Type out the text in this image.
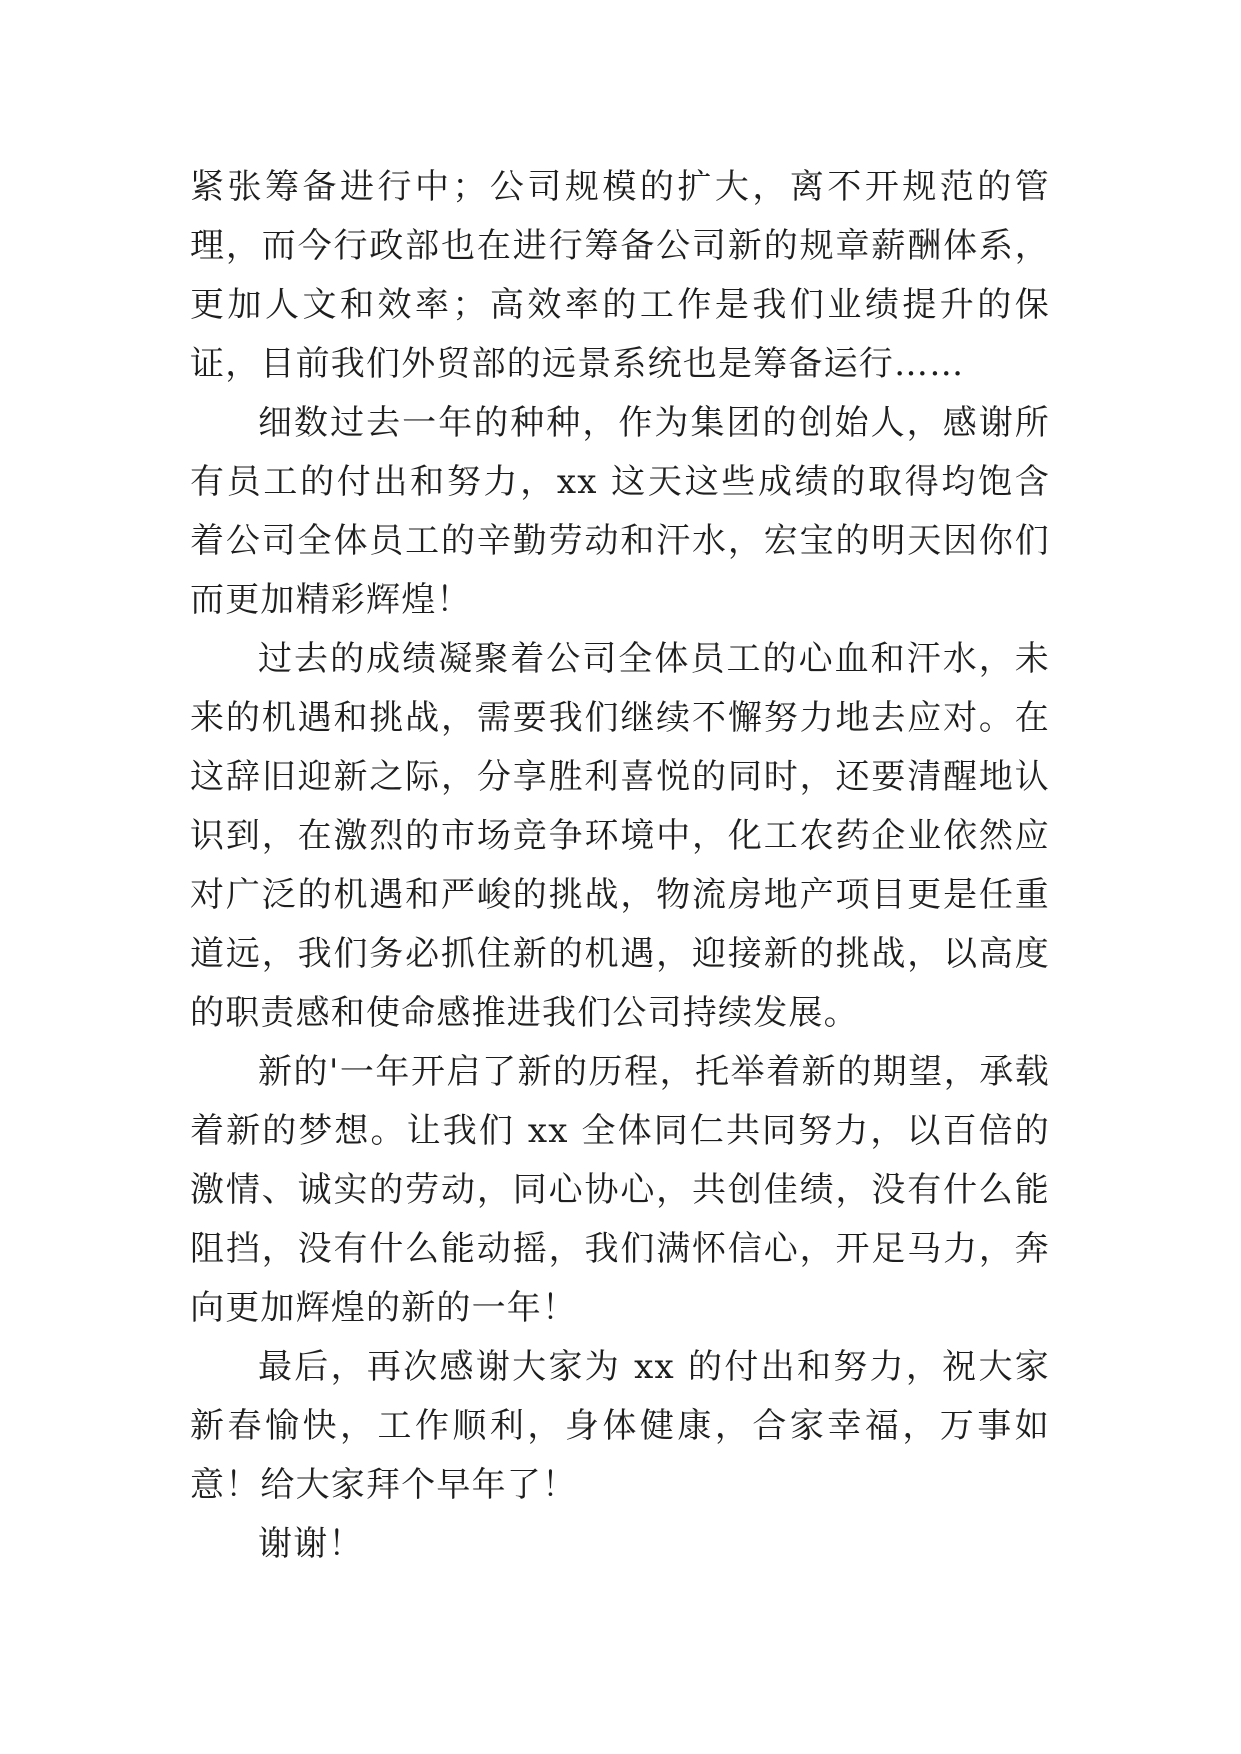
紧张筹备进行中；公司规模的扩大，离不开规范的管理，而今行政部也在进行筹备公司新的规章薪酬体系，更加人文和效率；高效率的工作是我们业绩提升的保证，目前我们外贸部的远景系统也是筹备运行……

细数过去一年的种种，作为集团的创始人，感谢所有员工的付出和努力，xx 这天这些成绩的取得均饱含着公司全体员工的辛勤劳动和汗水，宏宝的明天因你们而更加精彩辉煌！

过去的成绩凝聚着公司全体员工的心血和汗水，未来的机遇和挑战，需要我们继续不懈努力地去应对。在这辞旧迎新之际，分享胜利喜悦的同时，还要清醒地认识到，在激烈的市场竞争环境中，化工农药企业依然应对广泛的机遇和严峻的挑战，物流房地产项目更是任重道远，我们务必抓住新的机遇，迎接新的挑战，以高度的职责感和使命感推进我们公司持续发展。

新的'一年开启了新的历程，托举着新的期望，承载着新的梦想。让我们 xx 全体同仁共同努力，以百倍的激情、诚实的劳动，同心协心，共创佳绩，没有什么能阻挡，没有什么能动摇，我们满怀信心，开足马力，奔向更加辉煌的新的一年！

最后，再次感谢大家为 xx 的付出和努力，祝大家新春愉快，工作顺利，身体健康，合家幸福，万事如意！给大家拜个早年了！

谢谢！
